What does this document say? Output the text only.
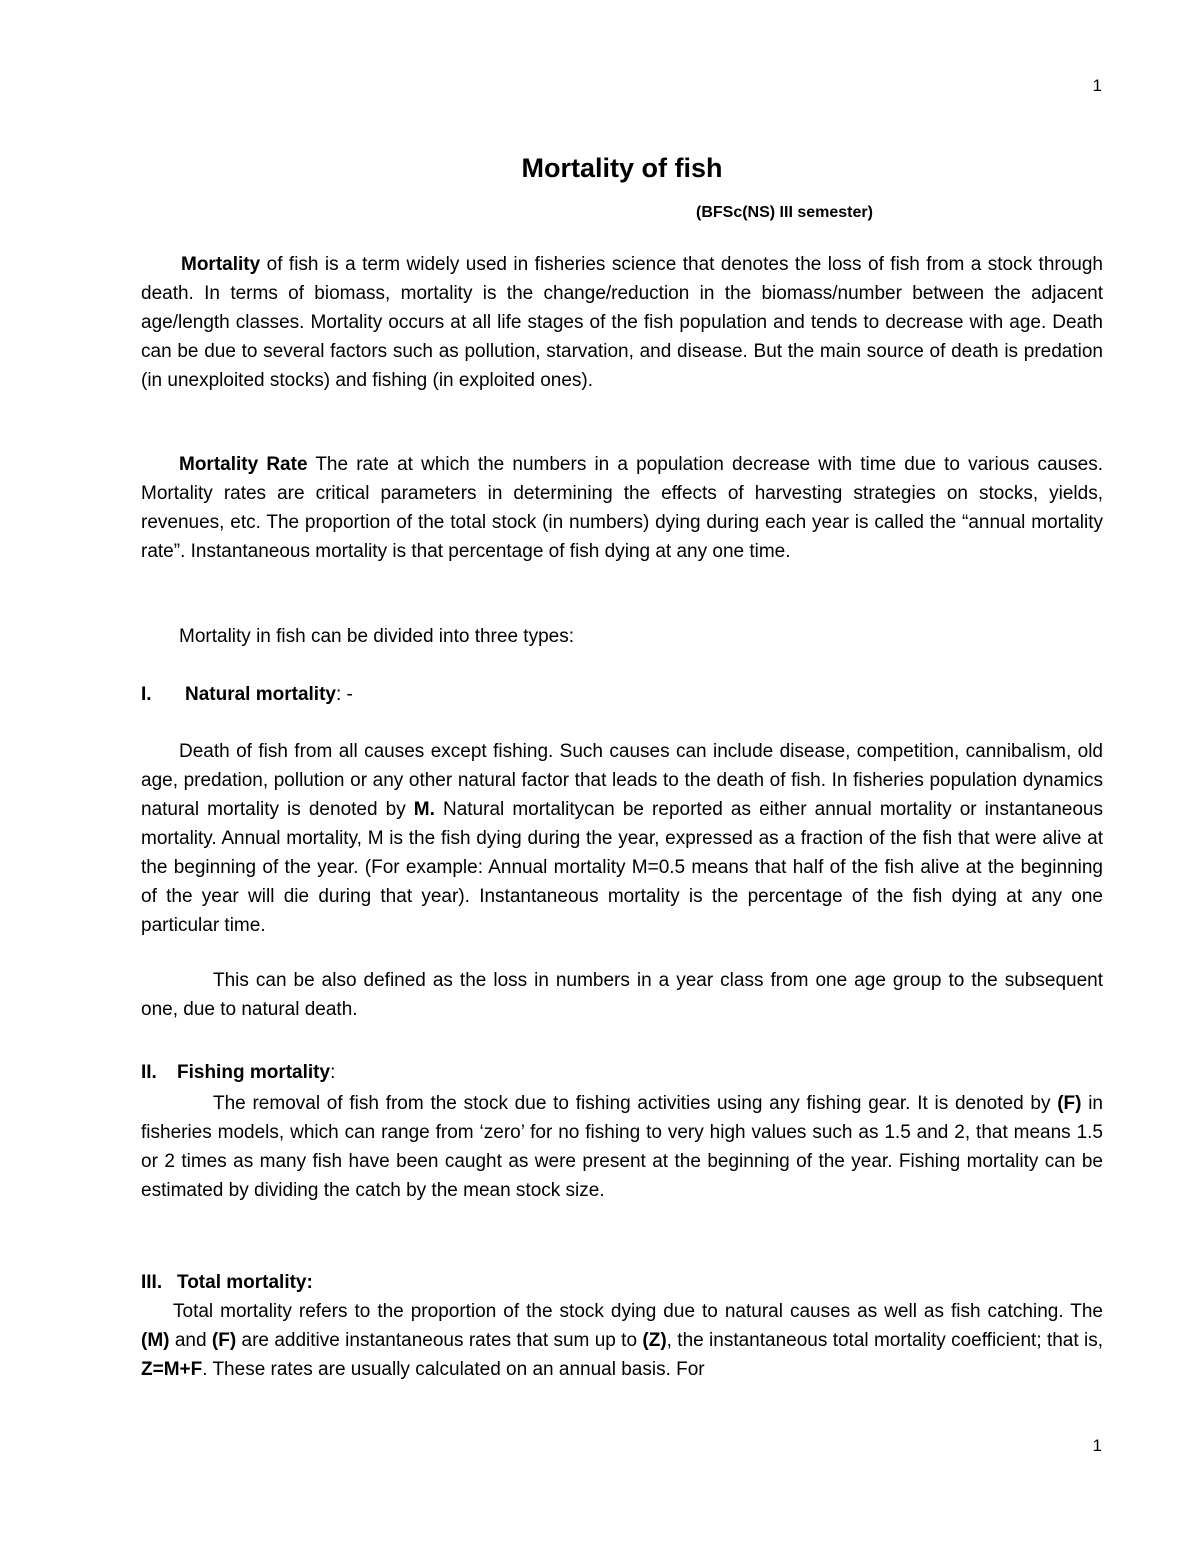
1
Mortality of fish

(BFSc(NS) III semester)

Mortality of fish is a term widely used in fisheries science that denotes the loss of fish from a stock through death. In terms of biomass, mortality is the change/reduction in the biomass/number between the adjacent age/length classes. Mortality occurs at all life stages of the fish population and tends to decrease with age. Death can be due to several factors such as pollution, starvation, and disease. But the main source of death is predation (in unexploited stocks) and fishing (in exploited ones).

Mortality Rate The rate at which the numbers in a population decrease with time due to various causes. Mortality rates are critical parameters in determining the effects of harvesting strategies on stocks, yields, revenues, etc. The proportion of the total stock (in numbers) dying during each year is called the “annual mortality rate”. Instantaneous mortality is that percentage of fish dying at any one time.

Mortality in fish can be divided into three types:

I. Natural mortality: -

Death of fish from all causes except fishing. Such causes can include disease, competition, cannibalism, old age, predation, pollution or any other natural factor that leads to the death of fish. In fisheries population dynamics natural mortality is denoted by M. Natural mortalitycan be reported as either annual mortality or instantaneous mortality. Annual mortality, M is the fish dying during the year, expressed as a fraction of the fish that were alive at the beginning of the year. (For example: Annual mortality M=0.5 means that half of the fish alive at the beginning of the year will die during that year). Instantaneous mortality is the percentage of the fish dying at any one particular time.

This can be also defined as the loss in numbers in a year class from one age group to the subsequent one, due to natural death.

II. Fishing mortality:

The removal of fish from the stock due to fishing activities using any fishing gear. It is denoted by (F) in fisheries models, which can range from ‘zero’ for no fishing to very high values such as 1.5 and 2, that means 1.5 or 2 times as many fish have been caught as were present at the beginning of the year. Fishing mortality can be estimated by dividing the catch by the mean stock size.

III. Total mortality:

Total mortality refers to the proportion of the stock dying due to natural causes as well as fish catching. The (M) and (F) are additive instantaneous rates that sum up to (Z), the instantaneous total mortality coefficient; that is, Z=M+F. These rates are usually calculated on an annual basis. For

1
